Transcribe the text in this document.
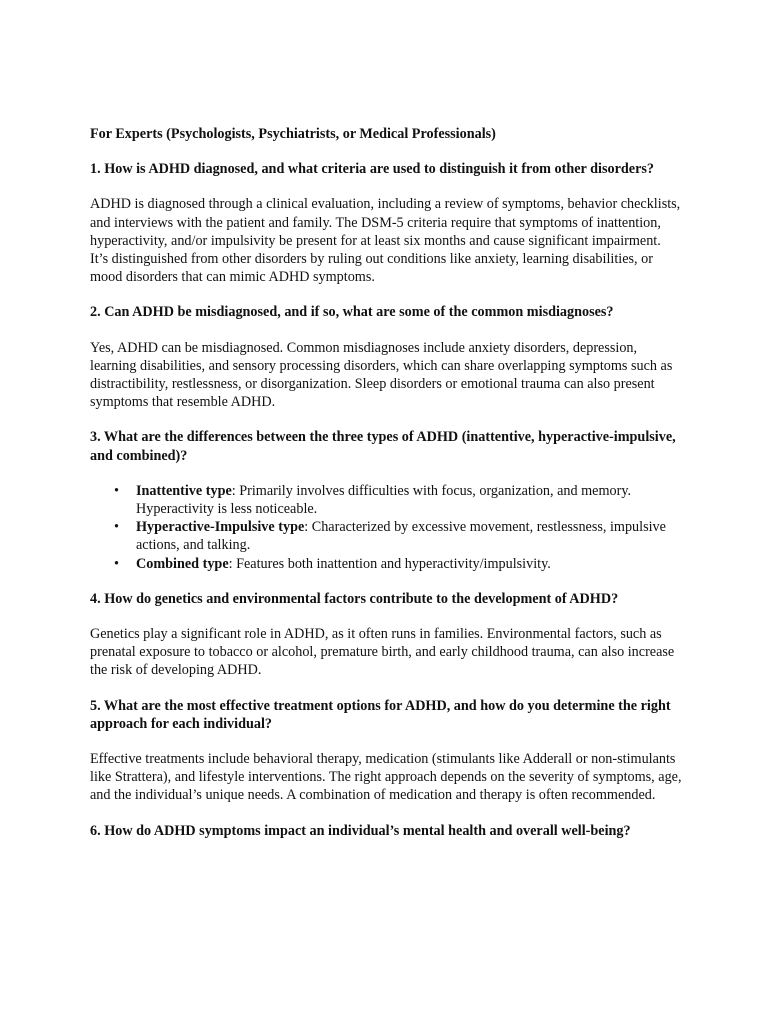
For Experts (Psychologists, Psychiatrists, or Medical Professionals)

1. How is ADHD diagnosed, and what criteria are used to distinguish it from other disorders?

ADHD is diagnosed through a clinical evaluation, including a review of symptoms, behavior checklists, and interviews with the patient and family. The DSM-5 criteria require that symptoms of inattention, hyperactivity, and/or impulsivity be present for at least six months and cause significant impairment. It’s distinguished from other disorders by ruling out conditions like anxiety, learning disabilities, or mood disorders that can mimic ADHD symptoms.

2. Can ADHD be misdiagnosed, and if so, what are some of the common misdiagnoses?

Yes, ADHD can be misdiagnosed. Common misdiagnoses include anxiety disorders, depression, learning disabilities, and sensory processing disorders, which can share overlapping symptoms such as distractibility, restlessness, or disorganization. Sleep disorders or emotional trauma can also present symptoms that resemble ADHD.

3. What are the differences between the three types of ADHD (inattentive, hyperactive-impulsive, and combined)?

• Inattentive type: Primarily involves difficulties with focus, organization, and memory. Hyperactivity is less noticeable.
• Hyperactive-Impulsive type: Characterized by excessive movement, restlessness, impulsive actions, and talking.
• Combined type: Features both inattention and hyperactivity/impulsivity.

4. How do genetics and environmental factors contribute to the development of ADHD?

Genetics play a significant role in ADHD, as it often runs in families. Environmental factors, such as prenatal exposure to tobacco or alcohol, premature birth, and early childhood trauma, can also increase the risk of developing ADHD.

5. What are the most effective treatment options for ADHD, and how do you determine the right approach for each individual?

Effective treatments include behavioral therapy, medication (stimulants like Adderall or non-stimulants like Strattera), and lifestyle interventions. The right approach depends on the severity of symptoms, age, and the individual’s unique needs. A combination of medication and therapy is often recommended.

6. How do ADHD symptoms impact an individual’s mental health and overall well-being?
